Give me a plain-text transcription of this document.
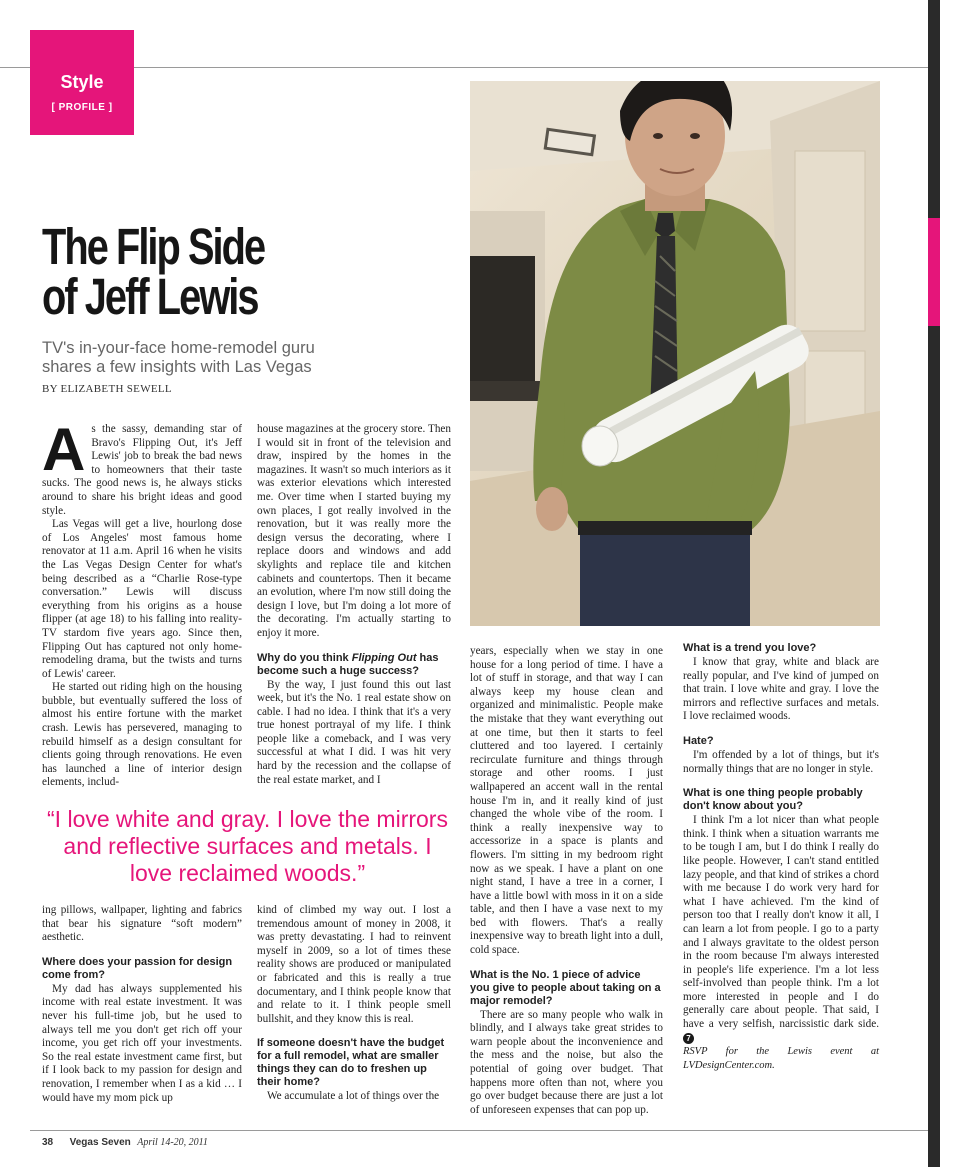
Style
[ PROFILE ]
The Flip Side
of Jeff Lewis
TV's in-your-face home-remodel guru
shares a few insights with Las Vegas
BY ELIZABETH SEWELL

As the sassy, demanding star of Bravo's Flipping Out, it's Jeff Lewis' job to break the bad news to homeowners that their taste sucks. The good news is, he always sticks around to share his bright ideas and good style.

Las Vegas will get a live, hourlong dose of Los Angeles' most famous home renovator at 11 a.m. April 16 when he visits the Las Vegas Design Center for what's being described as a “Charlie Rose-type conversation.” Lewis will discuss everything from his origins as a house flipper (at age 18) to his falling into reality-TV stardom five years ago. Since then, Flipping Out has captured not only home-remodeling drama, but the twists and turns of Lewis' career.

He started out riding high on the housing bubble, but eventually suffered the loss of almost his entire fortune with the market crash. Lewis has persevered, managing to rebuild himself as a design consultant for clients going through renovations. He even has launched a line of interior design elements, includ-

house magazines at the grocery store. Then I would sit in front of the television and draw, inspired by the homes in the magazines. It wasn't so much interiors as it was exterior elevations which interested me. Over time when I started buying my own places, I got really involved in the renovation, but it was really more the design versus the decorating, where I replace doors and windows and add skylights and replace tile and kitchen cabinets and countertops. Then it became an evolution, where I'm now still doing the design I love, but I'm doing a lot more of the decorating. I'm actually starting to enjoy it more.

Why do you think Flipping Out has become such a huge success?

By the way, I just found this out last week, but it's the No. 1 real estate show on cable. I had no idea. I think that it's a very true honest portrayal of my life. I think people like a comeback, and I was very successful at what I did. I was hit very hard by the recession and the collapse of the real estate market, and I

“I love white and gray. I love the mirrors and reflective surfaces and metals. I love reclaimed woods.”

ing pillows, wallpaper, lighting and fabrics that bear his signature “soft modern” aesthetic.

Where does your passion for design come from?

My dad has always supplemented his income with real estate investment. It was never his full-time job, but he used to always tell me you don't get rich off your income, you get rich off your investments. So the real estate investment came first, but if I look back to my passion for design and renovation, I remember when I as a kid … I would have my mom pick up

kind of climbed my way out. I lost a tremendous amount of money in 2008, it was pretty devastating. I had to reinvent myself in 2009, so a lot of times these reality shows are produced or manipulated or fabricated and this is really a true documentary, and I think people know that and relate to it. I think people smell bullshit, and they know this is real.

If someone doesn't have the budget for a full remodel, what are smaller things they can do to freshen up their home?

We accumulate a lot of things over the

years, especially when we stay in one house for a long period of time. I have a lot of stuff in storage, and that way I can always keep my house clean and organized and minimalistic. People make the mistake that they want everything out at one time, but then it starts to feel cluttered and too layered. I certainly recirculate furniture and things through storage and other rooms. I just wallpapered an accent wall in the rental house I'm in, and it really kind of just changed the whole vibe of the room. I think a really inexpensive way to accessorize in a space is plants and flowers. I'm sitting in my bedroom right now as we speak. I have a plant on one night stand, I have a tree in a corner, I have a little bowl with moss in it on a side table, and then I have a vase next to my bed with flowers. That's a really inexpensive way to breath light into a dull, cold space.

What is the No. 1 piece of advice you give to people about taking on a major remodel?

There are so many people who walk in blindly, and I always take great strides to warn people about the inconvenience and the mess and the noise, but also the potential of going over budget. That happens more often than not, where you go over budget because there are just a lot of unforeseen expenses that can pop up.

What is a trend you love?

I know that gray, white and black are really popular, and I've kind of jumped on that train. I love white and gray. I love the mirrors and reflective surfaces and metals. I love reclaimed woods.

Hate?

I'm offended by a lot of things, but it's normally things that are no longer in style.

What is one thing people probably don't know about you?

I think I'm a lot nicer than what people think. I think when a situation warrants me to be tough I am, but I do think I really do like people. However, I can't stand entitled lazy people, and that kind of strikes a chord with me because I do work very hard for what I have achieved. I'm the kind of person too that I really don't know it all, I can learn a lot from people. I go to a party and I always gravitate to the oldest person in the room because I'm always interested in people's life experience. I'm a lot less self-involved than people think. I'm a lot more interested in people and I do generally care about people. That said, I have a very selfish, narcissistic dark side. 7

RSVP for the Lewis event at LVDesignCenter.com.

38 Vegas Seven April 14-20, 2011
